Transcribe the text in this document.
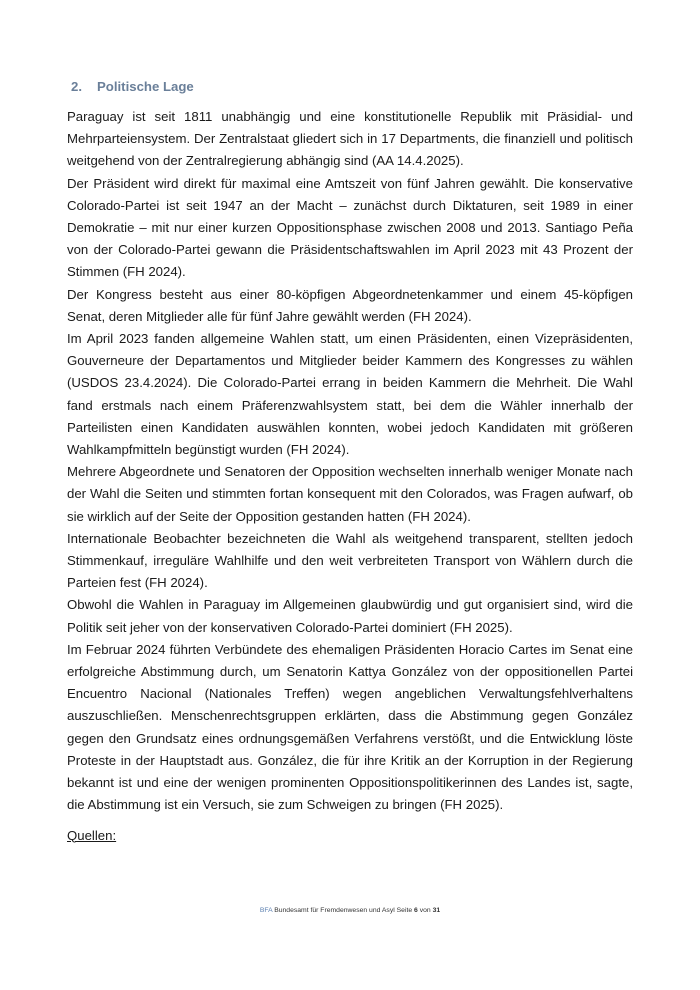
2.	Politische Lage

Paraguay ist seit 1811 unabhängig und eine konstitutionelle Republik mit Präsidial- und Mehrparteiensystem. Der Zentralstaat gliedert sich in 17 Departments, die finanziell und politisch weitgehend von der Zentralregierung abhängig sind (AA 14.4.2025).

Der Präsident wird direkt für maximal eine Amtszeit von fünf Jahren gewählt. Die konservative Colorado-Partei ist seit 1947 an der Macht – zunächst durch Diktaturen, seit 1989 in einer Demokratie – mit nur einer kurzen Oppositionsphase zwischen 2008 und 2013. Santiago Peña von der Colorado-Partei gewann die Präsidentschaftswahlen im April 2023 mit 43 Prozent der Stimmen (FH 2024).

Der Kongress besteht aus einer 80-köpfigen Abgeordnetenkammer und einem 45-köpfigen Senat, deren Mitglieder alle für fünf Jahre gewählt werden (FH 2024).

Im April 2023 fanden allgemeine Wahlen statt, um einen Präsidenten, einen Vizepräsidenten, Gouverneure der Departamentos und Mitglieder beider Kammern des Kongresses zu wählen (USDOS 23.4.2024). Die Colorado-Partei errang in beiden Kammern die Mehrheit. Die Wahl fand erstmals nach einem Präferenzwahlsystem statt, bei dem die Wähler innerhalb der Parteilisten einen Kandidaten auswählen konnten, wobei jedoch Kandidaten mit größeren Wahlkampfmitteln begünstigt wurden (FH 2024).

Mehrere Abgeordnete und Senatoren der Opposition wechselten innerhalb weniger Monate nach der Wahl die Seiten und stimmten fortan konsequent mit den Colorados, was Fragen aufwarf, ob sie wirklich auf der Seite der Opposition gestanden hatten (FH 2024).

Internationale Beobachter bezeichneten die Wahl als weitgehend transparent, stellten jedoch Stimmenkauf, irreguläre Wahlhilfe und den weit verbreiteten Transport von Wählern durch die Parteien fest (FH 2024).

Obwohl die Wahlen in Paraguay im Allgemeinen glaubwürdig und gut organisiert sind, wird die Politik seit jeher von der konservativen Colorado-Partei dominiert (FH 2025).

Im Februar 2024 führten Verbündete des ehemaligen Präsidenten Horacio Cartes im Senat eine erfolgreiche Abstimmung durch, um Senatorin Kattya González von der oppositionellen Partei Encuentro Nacional (Nationales Treffen) wegen angeblichen Verwaltungsfehlverhaltens auszuschließen. Menschenrechtsgruppen erklärten, dass die Abstimmung gegen González gegen den Grundsatz eines ordnungsgemäßen Verfahrens verstößt, und die Entwicklung löste Proteste in der Hauptstadt aus. González, die für ihre Kritik an der Korruption in der Regierung bekannt ist und eine der wenigen prominenten Oppositionspolitikerinnen des Landes ist, sagte, die Abstimmung ist ein Versuch, sie zum Schweigen zu bringen (FH 2025).

Quellen:
BFA Bundesamt für Fremdenwesen und Asyl Seite 6 von 31
